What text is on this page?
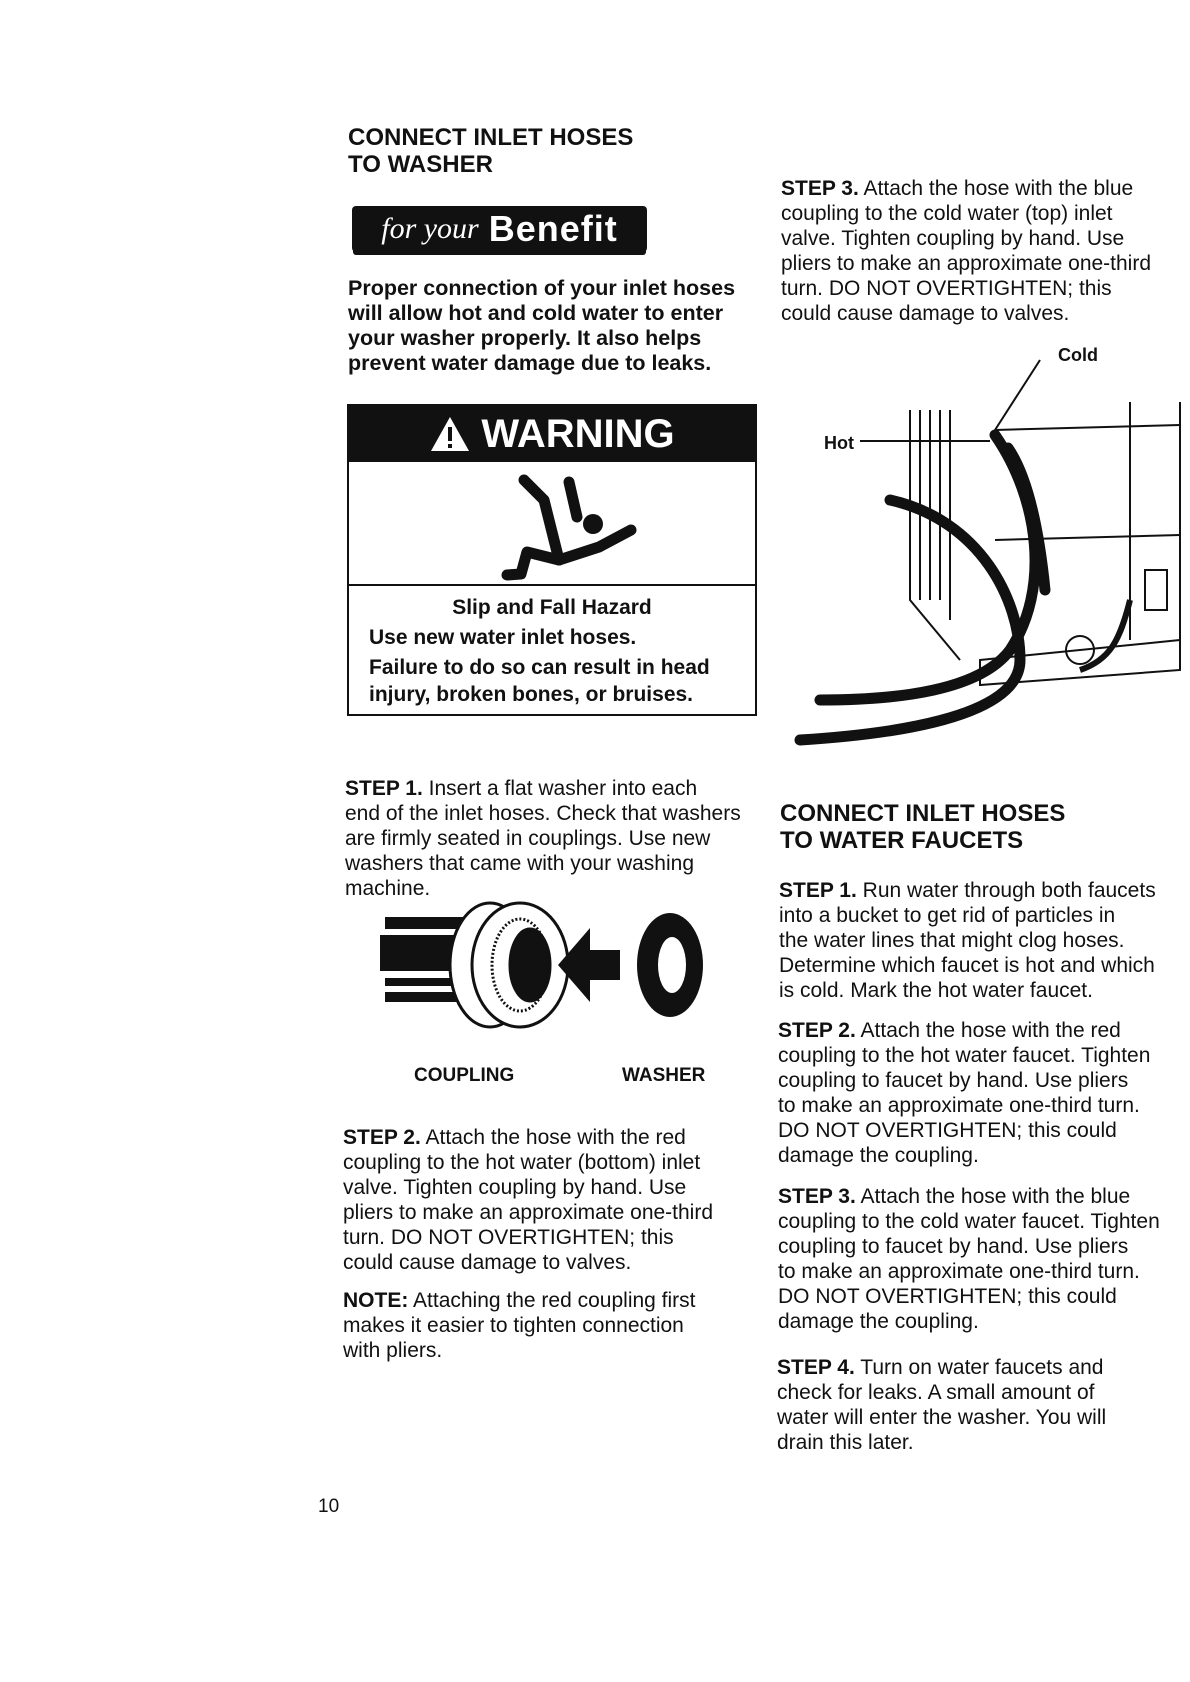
CONNECT INLET HOSES
TO WASHER
for your Benefit
Proper connection of your inlet hoses
will allow hot and cold water to enter
your washer properly. It also helps
prevent water damage due to leaks.
WARNING
Slip and Fall Hazard
Use new water inlet hoses.
Failure to do so can result in head
injury, broken bones, or bruises.
STEP 1. Insert a flat washer into each
end of the inlet hoses. Check that washers
are firmly seated in couplings. Use new
washers that came with your washing
machine.
COUPLING	WASHER
STEP 2. Attach the hose with the red
coupling to the hot water (bottom) inlet
valve. Tighten coupling by hand. Use
pliers to make an approximate one-third
turn. DO NOT OVERTIGHTEN; this
could cause damage to valves.
NOTE: Attaching the red coupling first
makes it easier to tighten connection
with pliers.
10
STEP 3. Attach the hose with the blue
coupling to the cold water (top) inlet
valve. Tighten coupling by hand. Use
pliers to make an approximate one-third
turn. DO NOT OVERTIGHTEN; this
could cause damage to valves.
Cold
Hot
CONNECT INLET HOSES
TO WATER FAUCETS
STEP 1. Run water through both faucets
into a bucket to get rid of particles in
the water lines that might clog hoses.
Determine which faucet is hot and which
is cold. Mark the hot water faucet.
STEP 2. Attach the hose with the red
coupling to the hot water faucet. Tighten
coupling to faucet by hand. Use pliers
to make an approximate one-third turn.
DO NOT OVERTIGHTEN; this could
damage the coupling.
STEP 3. Attach the hose with the blue
coupling to the cold water faucet. Tighten
coupling to faucet by hand. Use pliers
to make an approximate one-third turn.
DO NOT OVERTIGHTEN; this could
damage the coupling.
STEP 4. Turn on water faucets and
check for leaks. A small amount of
water will enter the washer. You will
drain this later.
